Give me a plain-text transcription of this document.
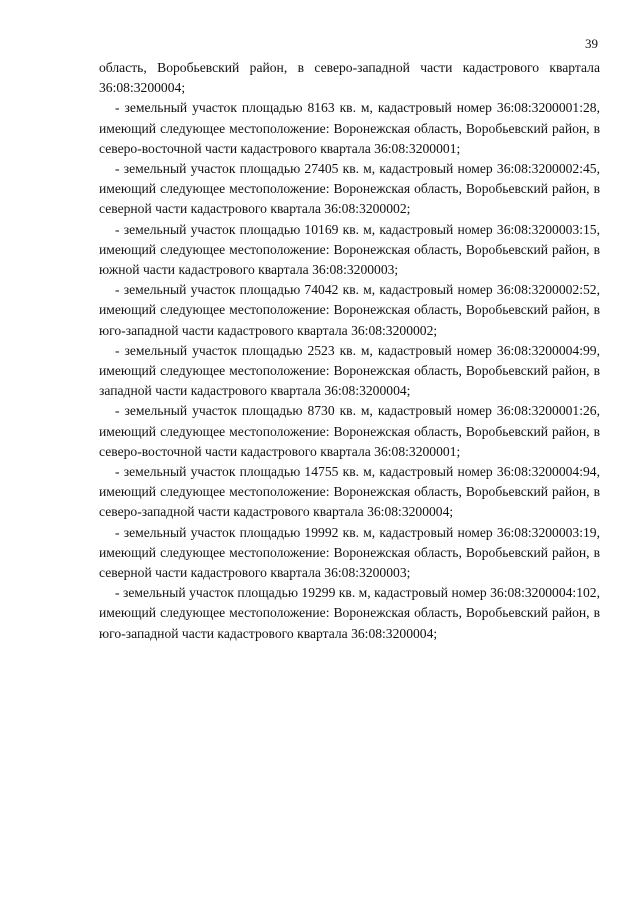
39

область, Воробьевский район, в северо-западной части кадастрового квартала 36:08:3200004;

- земельный участок площадью 8163 кв. м, кадастровый номер 36:08:3200001:28, имеющий следующее местоположение: Воронежская область, Воробьевский район, в северо-восточной части кадастрового квартала 36:08:3200001;

- земельный участок площадью 27405 кв. м, кадастровый номер 36:08:3200002:45, имеющий следующее местоположение: Воронежская область, Воробьевский район, в северной части кадастрового квартала 36:08:3200002;

- земельный участок площадью 10169 кв. м, кадастровый номер 36:08:3200003:15, имеющий следующее местоположение: Воронежская область, Воробьевский район, в южной части кадастрового квартала 36:08:3200003;

- земельный участок площадью 74042 кв. м, кадастровый номер 36:08:3200002:52, имеющий следующее местоположение: Воронежская область, Воробьевский район, в юго-западной части кадастрового квартала 36:08:3200002;

- земельный участок площадью 2523 кв. м, кадастровый номер 36:08:3200004:99, имеющий следующее местоположение: Воронежская область, Воробьевский район, в западной части кадастрового квартала 36:08:3200004;

- земельный участок площадью 8730 кв. м, кадастровый номер 36:08:3200001:26, имеющий следующее местоположение: Воронежская область, Воробьевский район, в северо-восточной части кадастрового квартала 36:08:3200001;

- земельный участок площадью 14755 кв. м, кадастровый номер 36:08:3200004:94, имеющий следующее местоположение: Воронежская область, Воробьевский район, в северо-западной части кадастрового квартала 36:08:3200004;

- земельный участок площадью 19992 кв. м, кадастровый номер 36:08:3200003:19, имеющий следующее местоположение: Воронежская область, Воробьевский район, в северной части кадастрового квартала 36:08:3200003;

- земельный участок площадью 19299 кв. м, кадастровый номер 36:08:3200004:102, имеющий следующее местоположение: Воронежская область, Воробьевский район, в юго-западной части кадастрового квартала 36:08:3200004;
